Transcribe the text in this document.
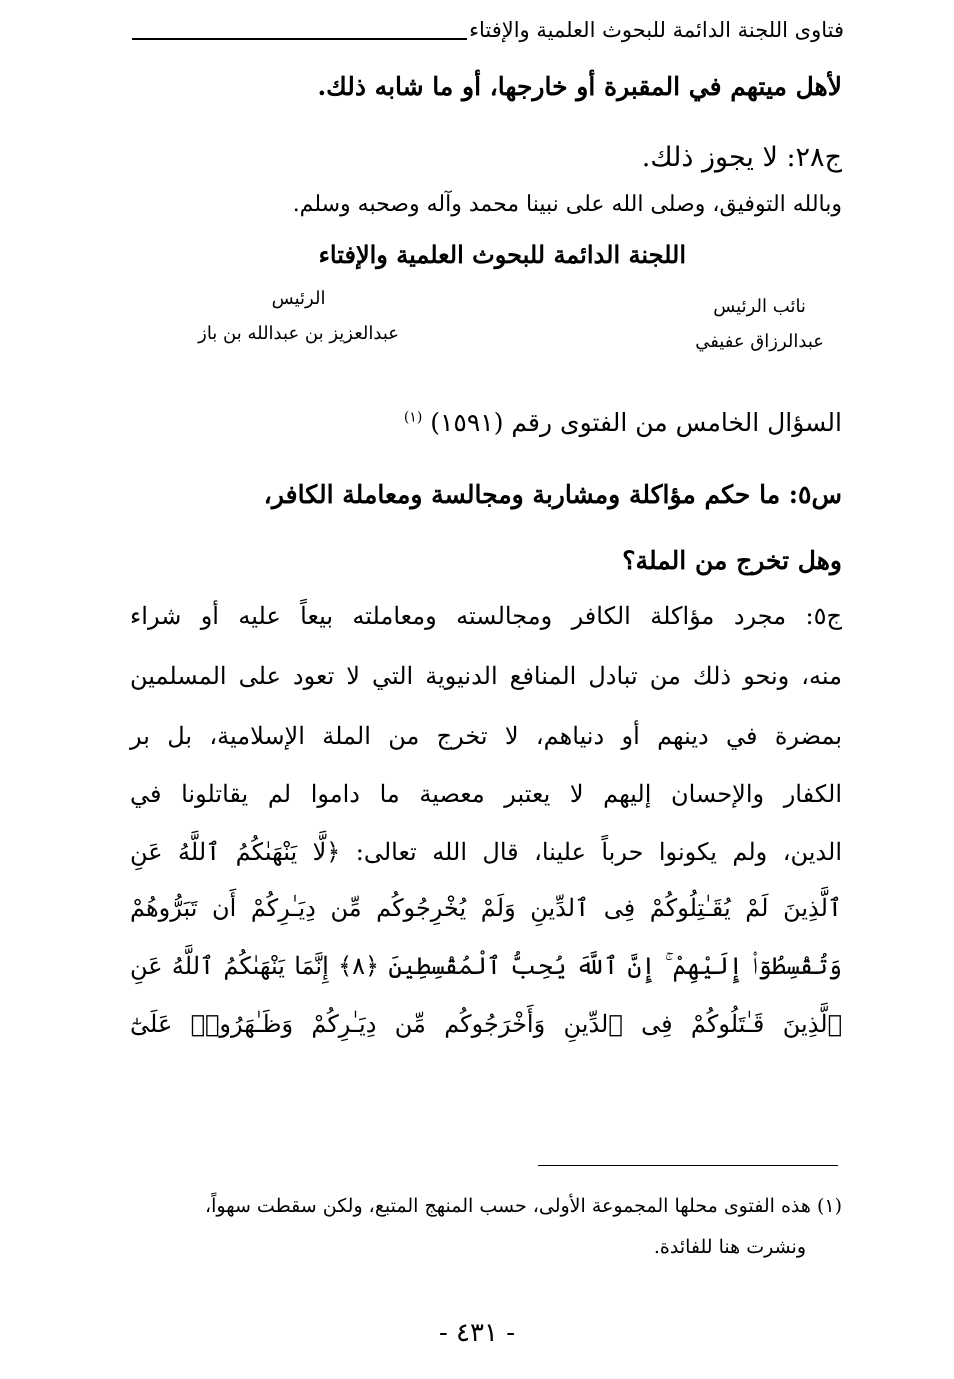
فتاوى اللجنة الدائمة للبحوث العلمية والإفتاء
لأهل ميتهم في المقبرة أو خارجها، أو ما شابه ذلك.
ج٢٨: لا يجوز ذلك.
وبالله التوفيق، وصلى الله على نبينا محمد وآله وصحبه وسلم.
اللجنة الدائمة للبحوث العلمية والإفتاء
نائب الرئيس
عبدالرزاق عفيفي
الرئيس
عبدالعزيز بن عبدالله بن باز
السؤال الخامس من الفتوى رقم (١٥٩١) $^{(١)}$
س٥: ما حكم مؤاكلة ومشاربة ومجالسة ومعاملة الكافر،
وهل تخرج من الملة؟
ج٥: مجرد مؤاكلة الكافر ومجالسته ومعاملته بيعاً عليه أو شراء
منه، ونحو ذلك من تبادل المنافع الدنيوية التي لا تعود على المسلمين
بمضرة في دينهم أو دنياهم، لا تخرج من الملة الإسلامية، بل بر
الكفار والإحسان إليهم لا يعتبر معصية ما داموا لم يقاتلونا في
الدين، ولم يكونوا حرباً علينا، قال الله تعالى: ﴿لَّا يَنْهَىٰكُمُ ٱللَّهُ عَنِ
ٱلَّذِينَ لَمْ يُقَـٰتِلُوكُمْ فِى ٱلدِّينِ وَلَمْ يُخْرِجُوكُم مِّن دِيَـٰرِكُمْ أَن تَبَرُّوهُمْ
وَتُقْسِطُوٓا۟ إِلَيْهِمْ ۚ إِنَّ ٱللَّهَ يُحِبُّ ٱلْمُقْسِطِينَ ﴿٨﴾ إِنَّمَا يَنْهَىٰكُمُ ٱللَّهُ عَنِ
ٱلَّذِينَ قَـٰتَلُوكُمْ فِى ٱلدِّينِ وَأَخْرَجُوكُم مِّن دِيَـٰرِكُمْ وَظَـٰهَرُوا۟ عَلَىٰٓ
(١) هذه الفتوى محلها المجموعة الأولى، حسب المنهج المتبع، ولكن سقطت سهواً،
ونشرت هنا للفائدة.
- ٤٣١ -
